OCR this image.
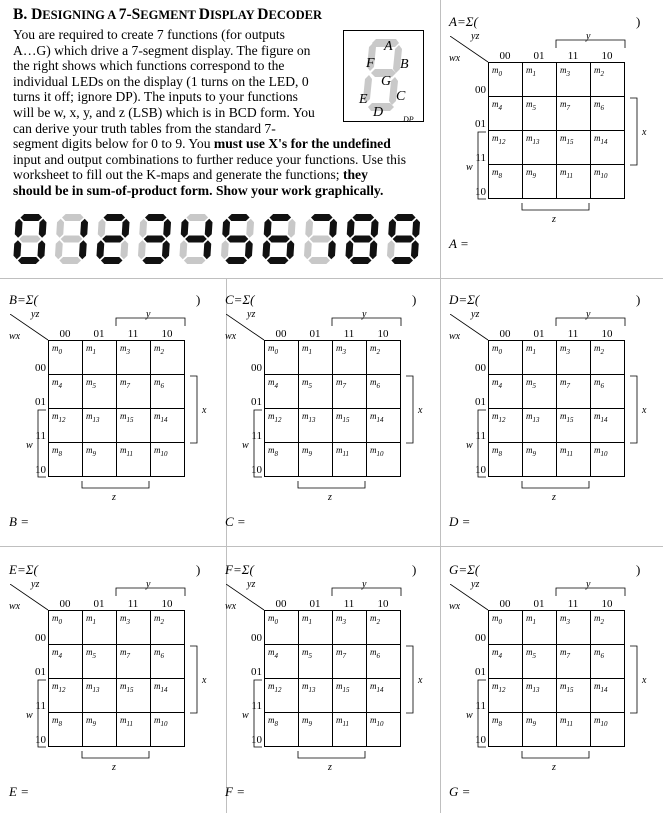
B. DESIGNING A 7-SEGMENT DISPLAY DECODER
You are required to create 7 functions (for outputs
A…G) which drive a 7-segment display. The figure on
the right shows which functions correspond to the
individual LEDs on the display (1 turns on the LED, 0
turns it off; ignore DP). The inputs to your functions
will be w, x, y, and z (LSB) which is in BCD form. You
can derive your truth tables from the standard 7-
segment digits below for 0 to 9. You must use X's for the undefined
input and output combinations to further reduce your functions. Use this
worksheet to fill out the K-maps and generate the functions; they
should be in sum-of-product form. Show your work graphically.
A
B
C
D
E
F
G
DP
A=Σ(	)
yz
wx	00	01	11	10
00
01
11
10
$m_0$	$m_1$	$m_3$	$m_2$
$m_4$	$m_5$	$m_7$	$m_6$
$m_{12}$ $m_{13}$ $m_{15}$ $m_{14}$
$m_8$	$m_9$	$m_{11}$ $m_{10}$
y
x
w
z
A =
B=Σ(	)
yz
wx	00	01	11	10
00
01
11
10
$m_0$	$m_1$	$m_3$	$m_2$
$m_4$	$m_5$	$m_7$	$m_6$
$m_{12}$ $m_{13}$ $m_{15}$ $m_{14}$
$m_8$	$m_9$	$m_{11}$ $m_{10}$
y
x
w
z
B =
C=Σ(	)
yz
wx	00	01	11	10
00
01
11
10
$m_0$	$m_1$	$m_3$	$m_2$
$m_4$	$m_5$	$m_7$	$m_6$
$m_{12}$ $m_{13}$ $m_{15}$ $m_{14}$
$m_8$	$m_9$	$m_{11}$ $m_{10}$
y
x
w
z
C =
D=Σ(	)
yz
wx	00	01	11	10
00
01
11
10
$m_0$	$m_1$	$m_3$	$m_2$
$m_4$	$m_5$	$m_7$	$m_6$
$m_{12}$ $m_{13}$ $m_{15}$ $m_{14}$
$m_8$	$m_9$	$m_{11}$ $m_{10}$
y
x
w
z
D =
E=Σ(	)
yz
wx	00	01	11	10
00
01
11
10
$m_0$	$m_1$	$m_3$	$m_2$
$m_4$	$m_5$	$m_7$	$m_6$
$m_{12}$ $m_{13}$ $m_{15}$ $m_{14}$
$m_8$	$m_9$	$m_{11}$ $m_{10}$
y
x
w
z
E =
F=Σ(	)
yz
wx	00	01	11	10
00
01
11
10
$m_0$	$m_1$	$m_3$	$m_2$
$m_4$	$m_5$	$m_7$	$m_6$
$m_{12}$ $m_{13}$ $m_{15}$ $m_{14}$
$m_8$	$m_9$	$m_{11}$ $m_{10}$
y
x
w
z
F =
G=Σ(	)
yz
wx	00	01	11	10
00
01
11
10
$m_0$	$m_1$	$m_3$	$m_2$
$m_4$	$m_5$	$m_7$	$m_6$
$m_{12}$ $m_{13}$ $m_{15}$ $m_{14}$
$m_8$	$m_9$	$m_{11}$ $m_{10}$
y
x
w
z
G =
